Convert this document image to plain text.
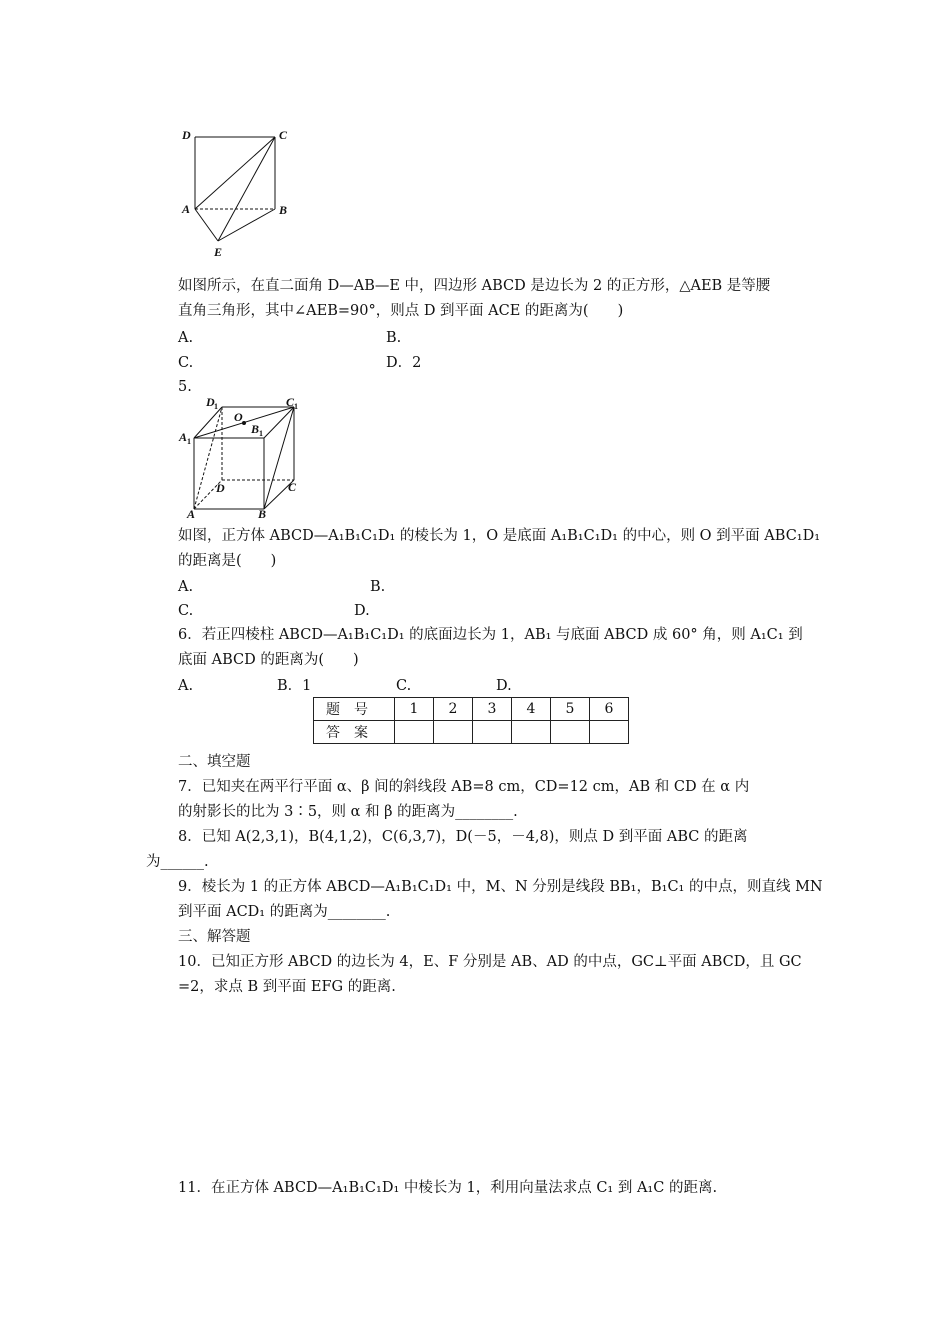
D	C
A	B
E
如图所示，在直二面角 D—AB—E 中，四边形 ABCD 是边长为 2 的正方形，△AEB 是等腰
直角三角形，其中∠AEB=90°，则点 D 到平面 ACE 的距离为(　　)
A.	B.
C.	D．2
5.
D 1	C 1
O
B 1
A 1
D	C
A	B
如图，正方体 ABCD—A₁B₁C₁D₁ 的棱长为 1，O 是底面 A₁B₁C₁D₁ 的中心，则 O 到平面 ABC₁D₁
的距离是(　　)
A.	B.
C.	D.
6．若正四棱柱 ABCD—A₁B₁C₁D₁ 的底面边长为 1，AB₁ 与底面 ABCD 成 60° 角，则 A₁C₁ 到
底面 ABCD 的距离为(　　)
A.	B．1	C.	D.
题号	1	2	3	4	5	6
答案						
二、填空题
7．已知夹在两平行平面 α、β 间的斜线段 AB=8 cm，CD=12 cm，AB 和 CD 在 α 内
的射影长的比为 3∶5，则 α 和 β 的距离为________.
8．已知 A(2,3,1)，B(4,1,2)，C(6,3,7)，D(－5，－4,8)，则点 D 到平面 ABC 的距离
为______.
9．棱长为 1 的正方体 ABCD—A₁B₁C₁D₁ 中，M、N 分别是线段 BB₁，B₁C₁ 的中点，则直线 MN
到平面 ACD₁ 的距离为________.
三、解答题
10．已知正方形 ABCD 的边长为 4，E、F 分别是 AB、AD 的中点，GC⊥平面 ABCD，且 GC
=2，求点 B 到平面 EFG 的距离.
11．在正方体 ABCD—A₁B₁C₁D₁ 中棱长为 1，利用向量法求点 C₁ 到 A₁C 的距离.
